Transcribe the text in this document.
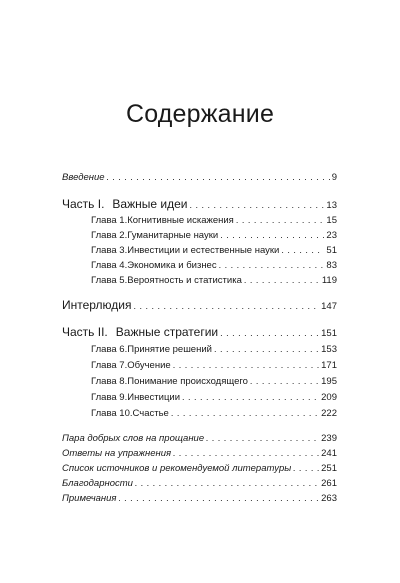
Содержание
Введение . . .	9
Часть I. Важные идеи . . .	13
Глава 1. Когнитивные искажения . . .	15
Глава 2. Гуманитарные науки . . .	23
Глава 3. Инвестиции и естественные науки . . .	51
Глава 4. Экономика и бизнес . . .	83
Глава 5. Вероятность и статистика . . .	119
Интерлюдия . . .	147
Часть II. Важные стратегии . . .	151
Глава 6. Принятие решений . . .	153
Глава 7. Обучение . . .	171
Глава 8. Понимание происходящего . . .	195
Глава 9. Инвестиции . . .	209
Глава 10. Счастье . . .	222
Пара добрых слов на прощание . . .	239
Ответы на упражнения . . .	241
Список источников и рекомендуемой литературы . . .	251
Благодарности . . .	261
Примечания . . .	263
